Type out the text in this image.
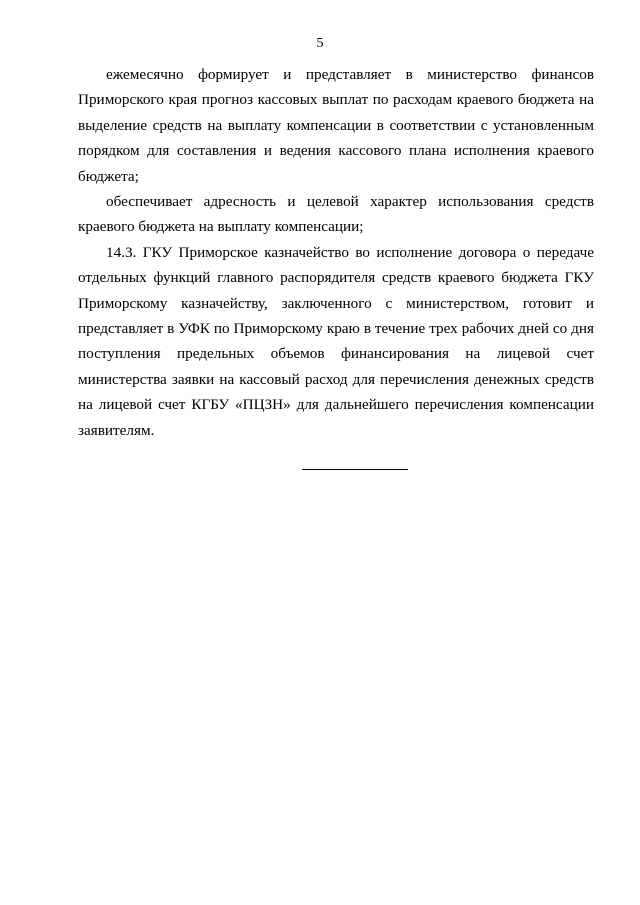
5

ежемесячно формирует и представляет в министерство финансов Приморского края прогноз кассовых выплат по расходам краевого бюджета на выделение средств на выплату компенсации в соответствии с установленным порядком для составления и ведения кассового плана исполнения краевого бюджета;

обеспечивает адресность и целевой характер использования средств краевого бюджета на выплату компенсации;

14.3. ГКУ Приморское казначейство во исполнение договора о передаче отдельных функций главного распорядителя средств краевого бюджета ГКУ Приморскому казначейству, заключенного с министерством, готовит и представляет в УФК по Приморскому краю в течение трех рабочих дней со дня поступления предельных объемов финансирования на лицевой счет министерства заявки на кассовый расход для перечисления денежных средств на лицевой счет КГБУ «ПЦЗН» для дальнейшего перечисления компенсации заявителям.
